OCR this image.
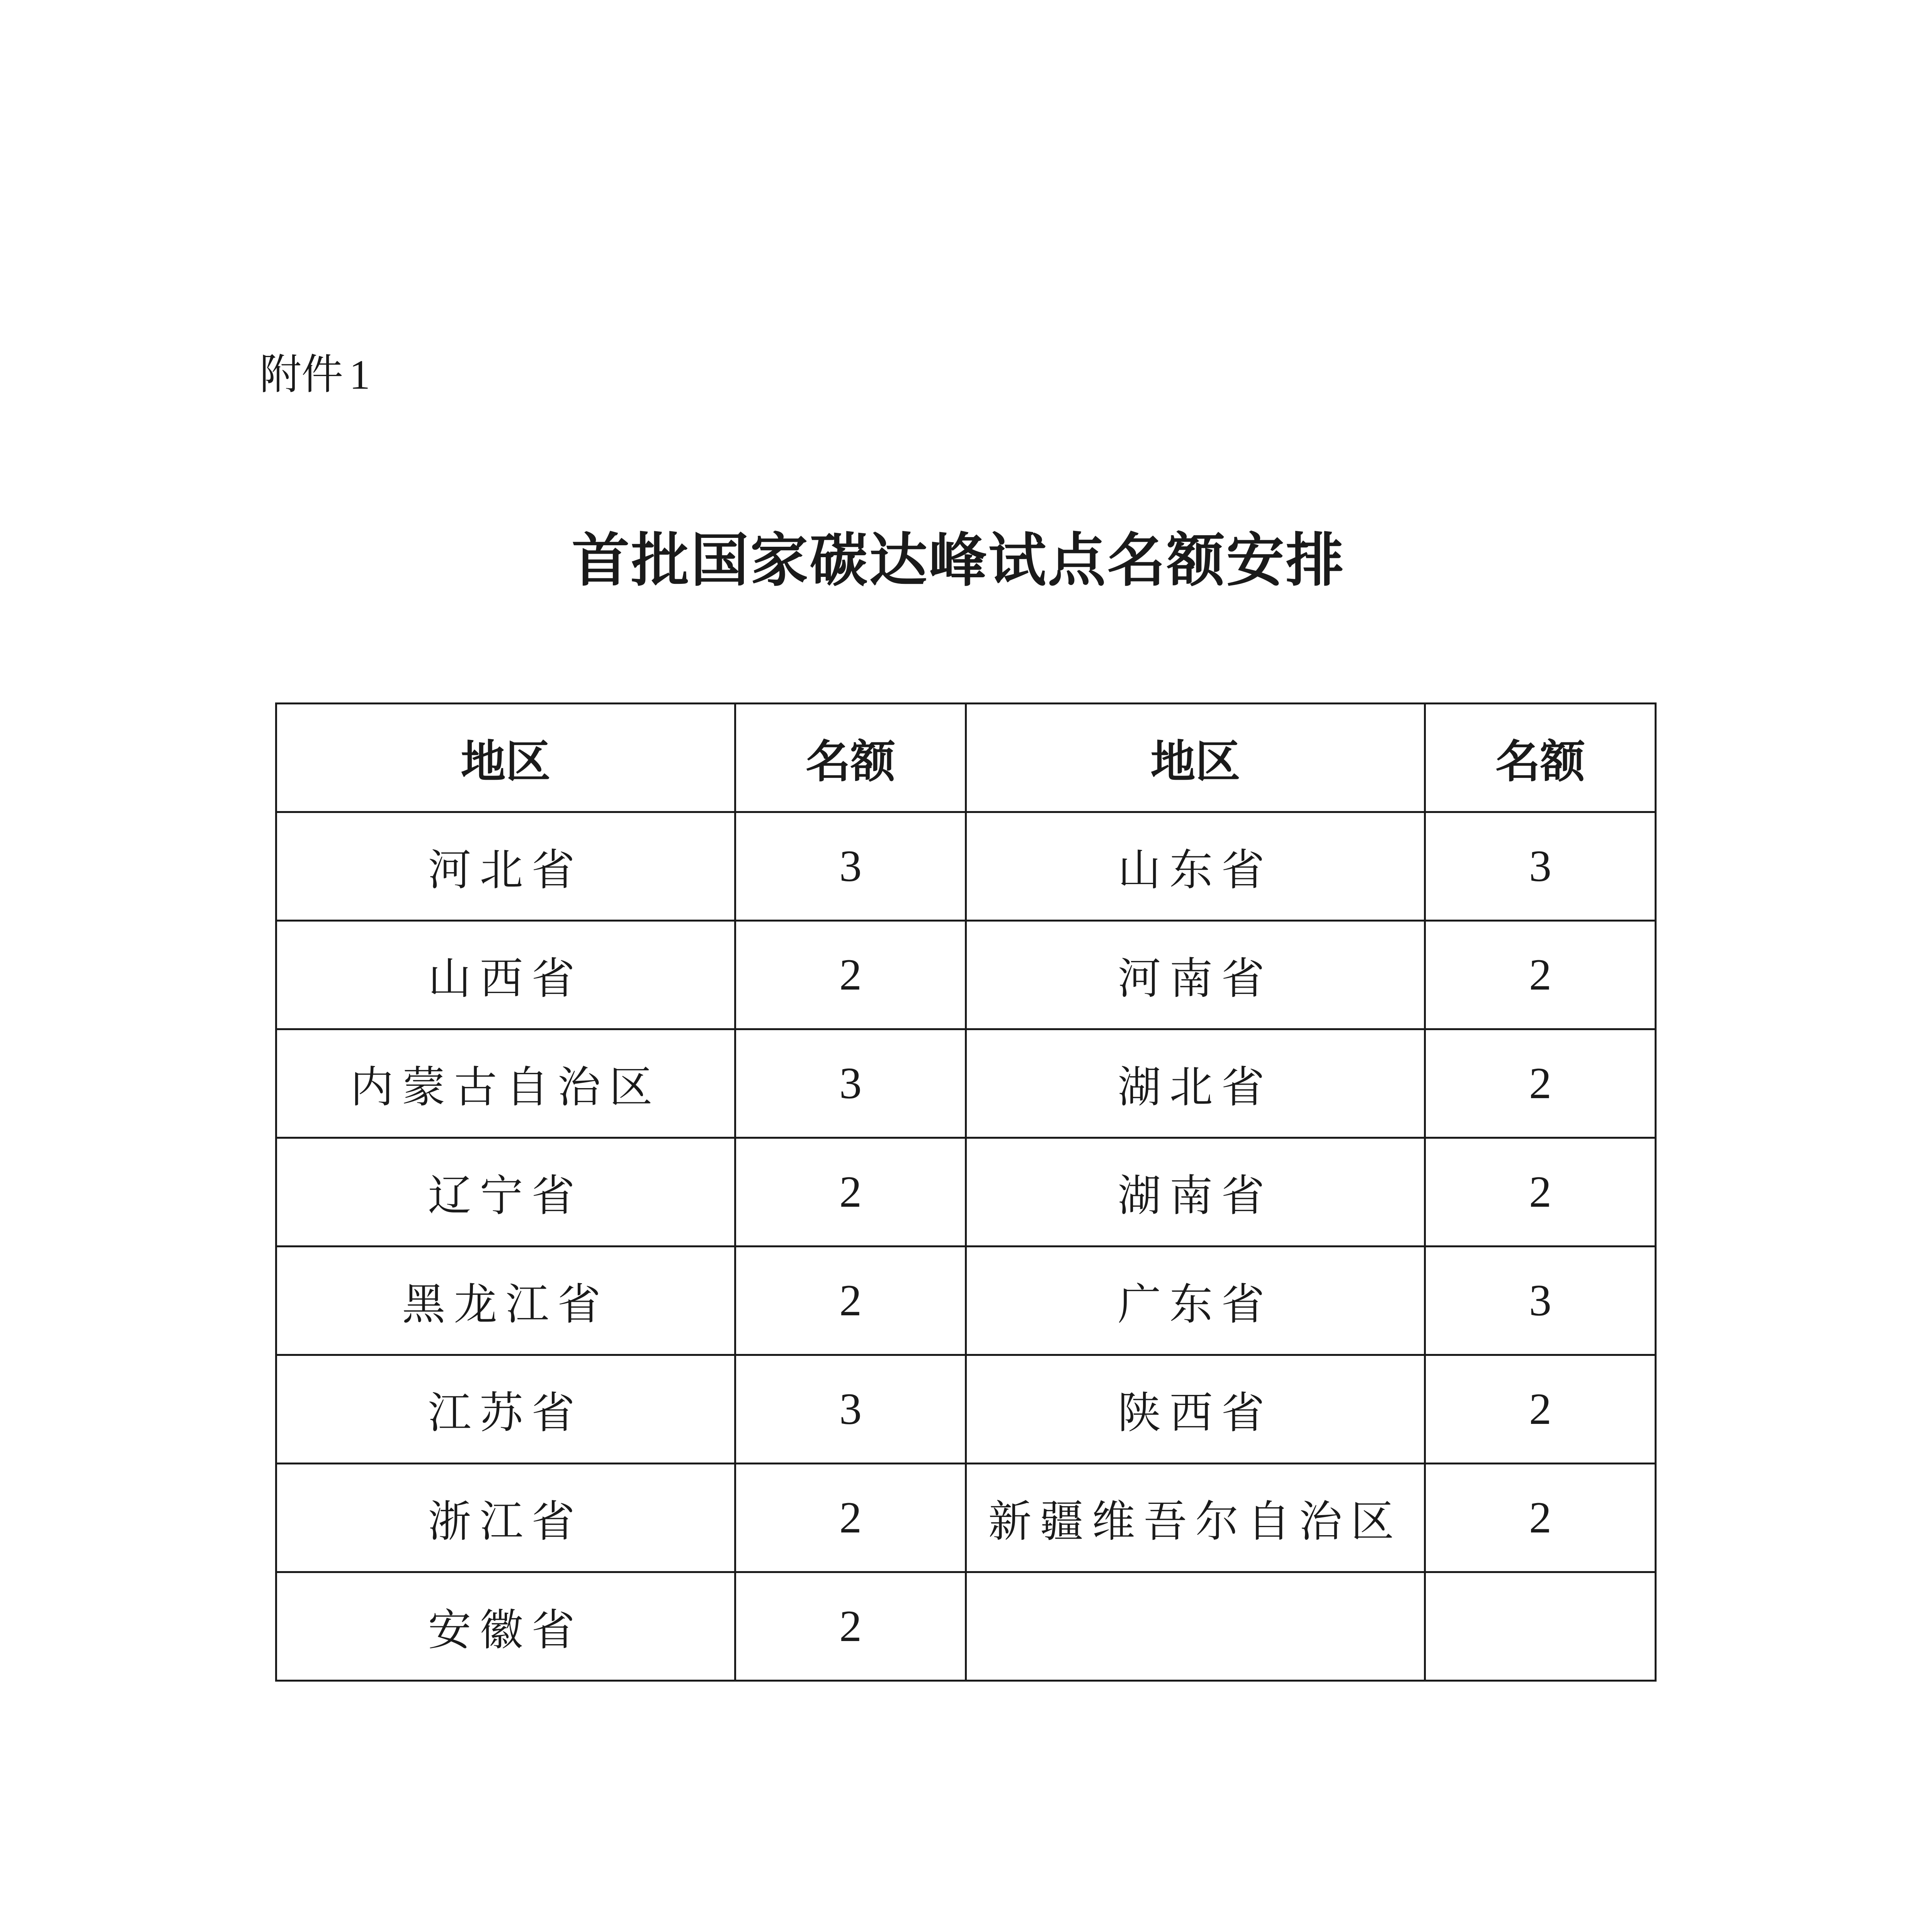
附件 1
首批国家碳达峰试点名额安排
地区	名额	地区	名额
河北省	3	山东省	3
山西省	2	河南省	2
内蒙古自治区	3	湖北省	2
辽宁省	2	湖南省	2
黑龙江省	2	广东省	3
江苏省	3	陕西省	2
浙江省	2	新疆维吾尔自治区	2
安徽省	2		
